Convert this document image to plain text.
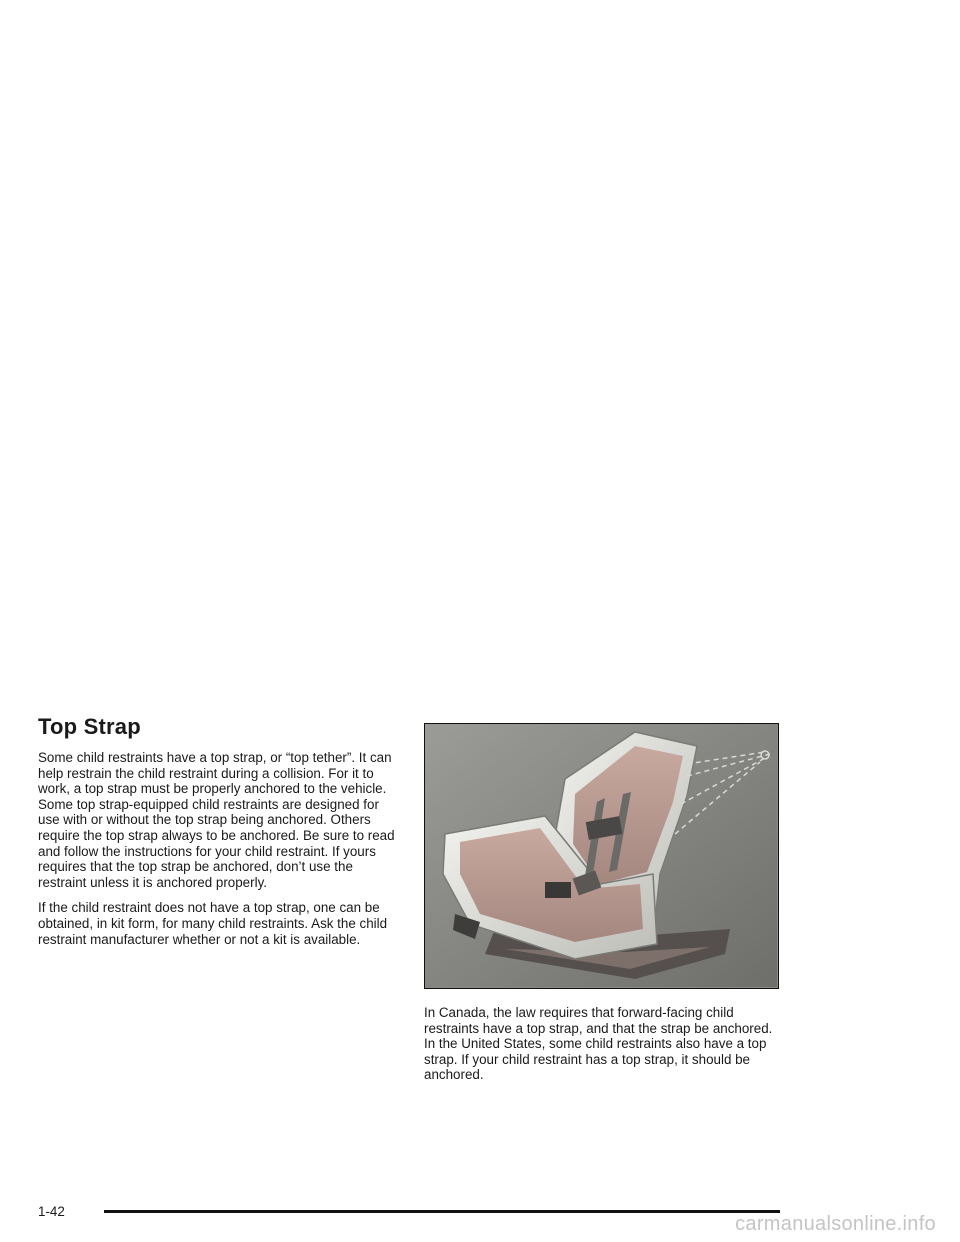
Top Strap

Some child restraints have a top strap, or “top tether”. It can help restrain the child restraint during a collision. For it to work, a top strap must be properly anchored to the vehicle. Some top strap-equipped child restraints are designed for use with or without the top strap being anchored. Others require the top strap always to be anchored. Be sure to read and follow the instructions for your child restraint. If yours requires that the top strap be anchored, don’t use the restraint unless it is anchored properly.

If the child restraint does not have a top strap, one can be obtained, in kit form, for many child restraints. Ask the child restraint manufacturer whether or not a kit is available.

In Canada, the law requires that forward-facing child restraints have a top strap, and that the strap be anchored. In the United States, some child restraints also have a top strap. If your child restraint has a top strap, it should be anchored.

1-42
carmanualsonline.info
